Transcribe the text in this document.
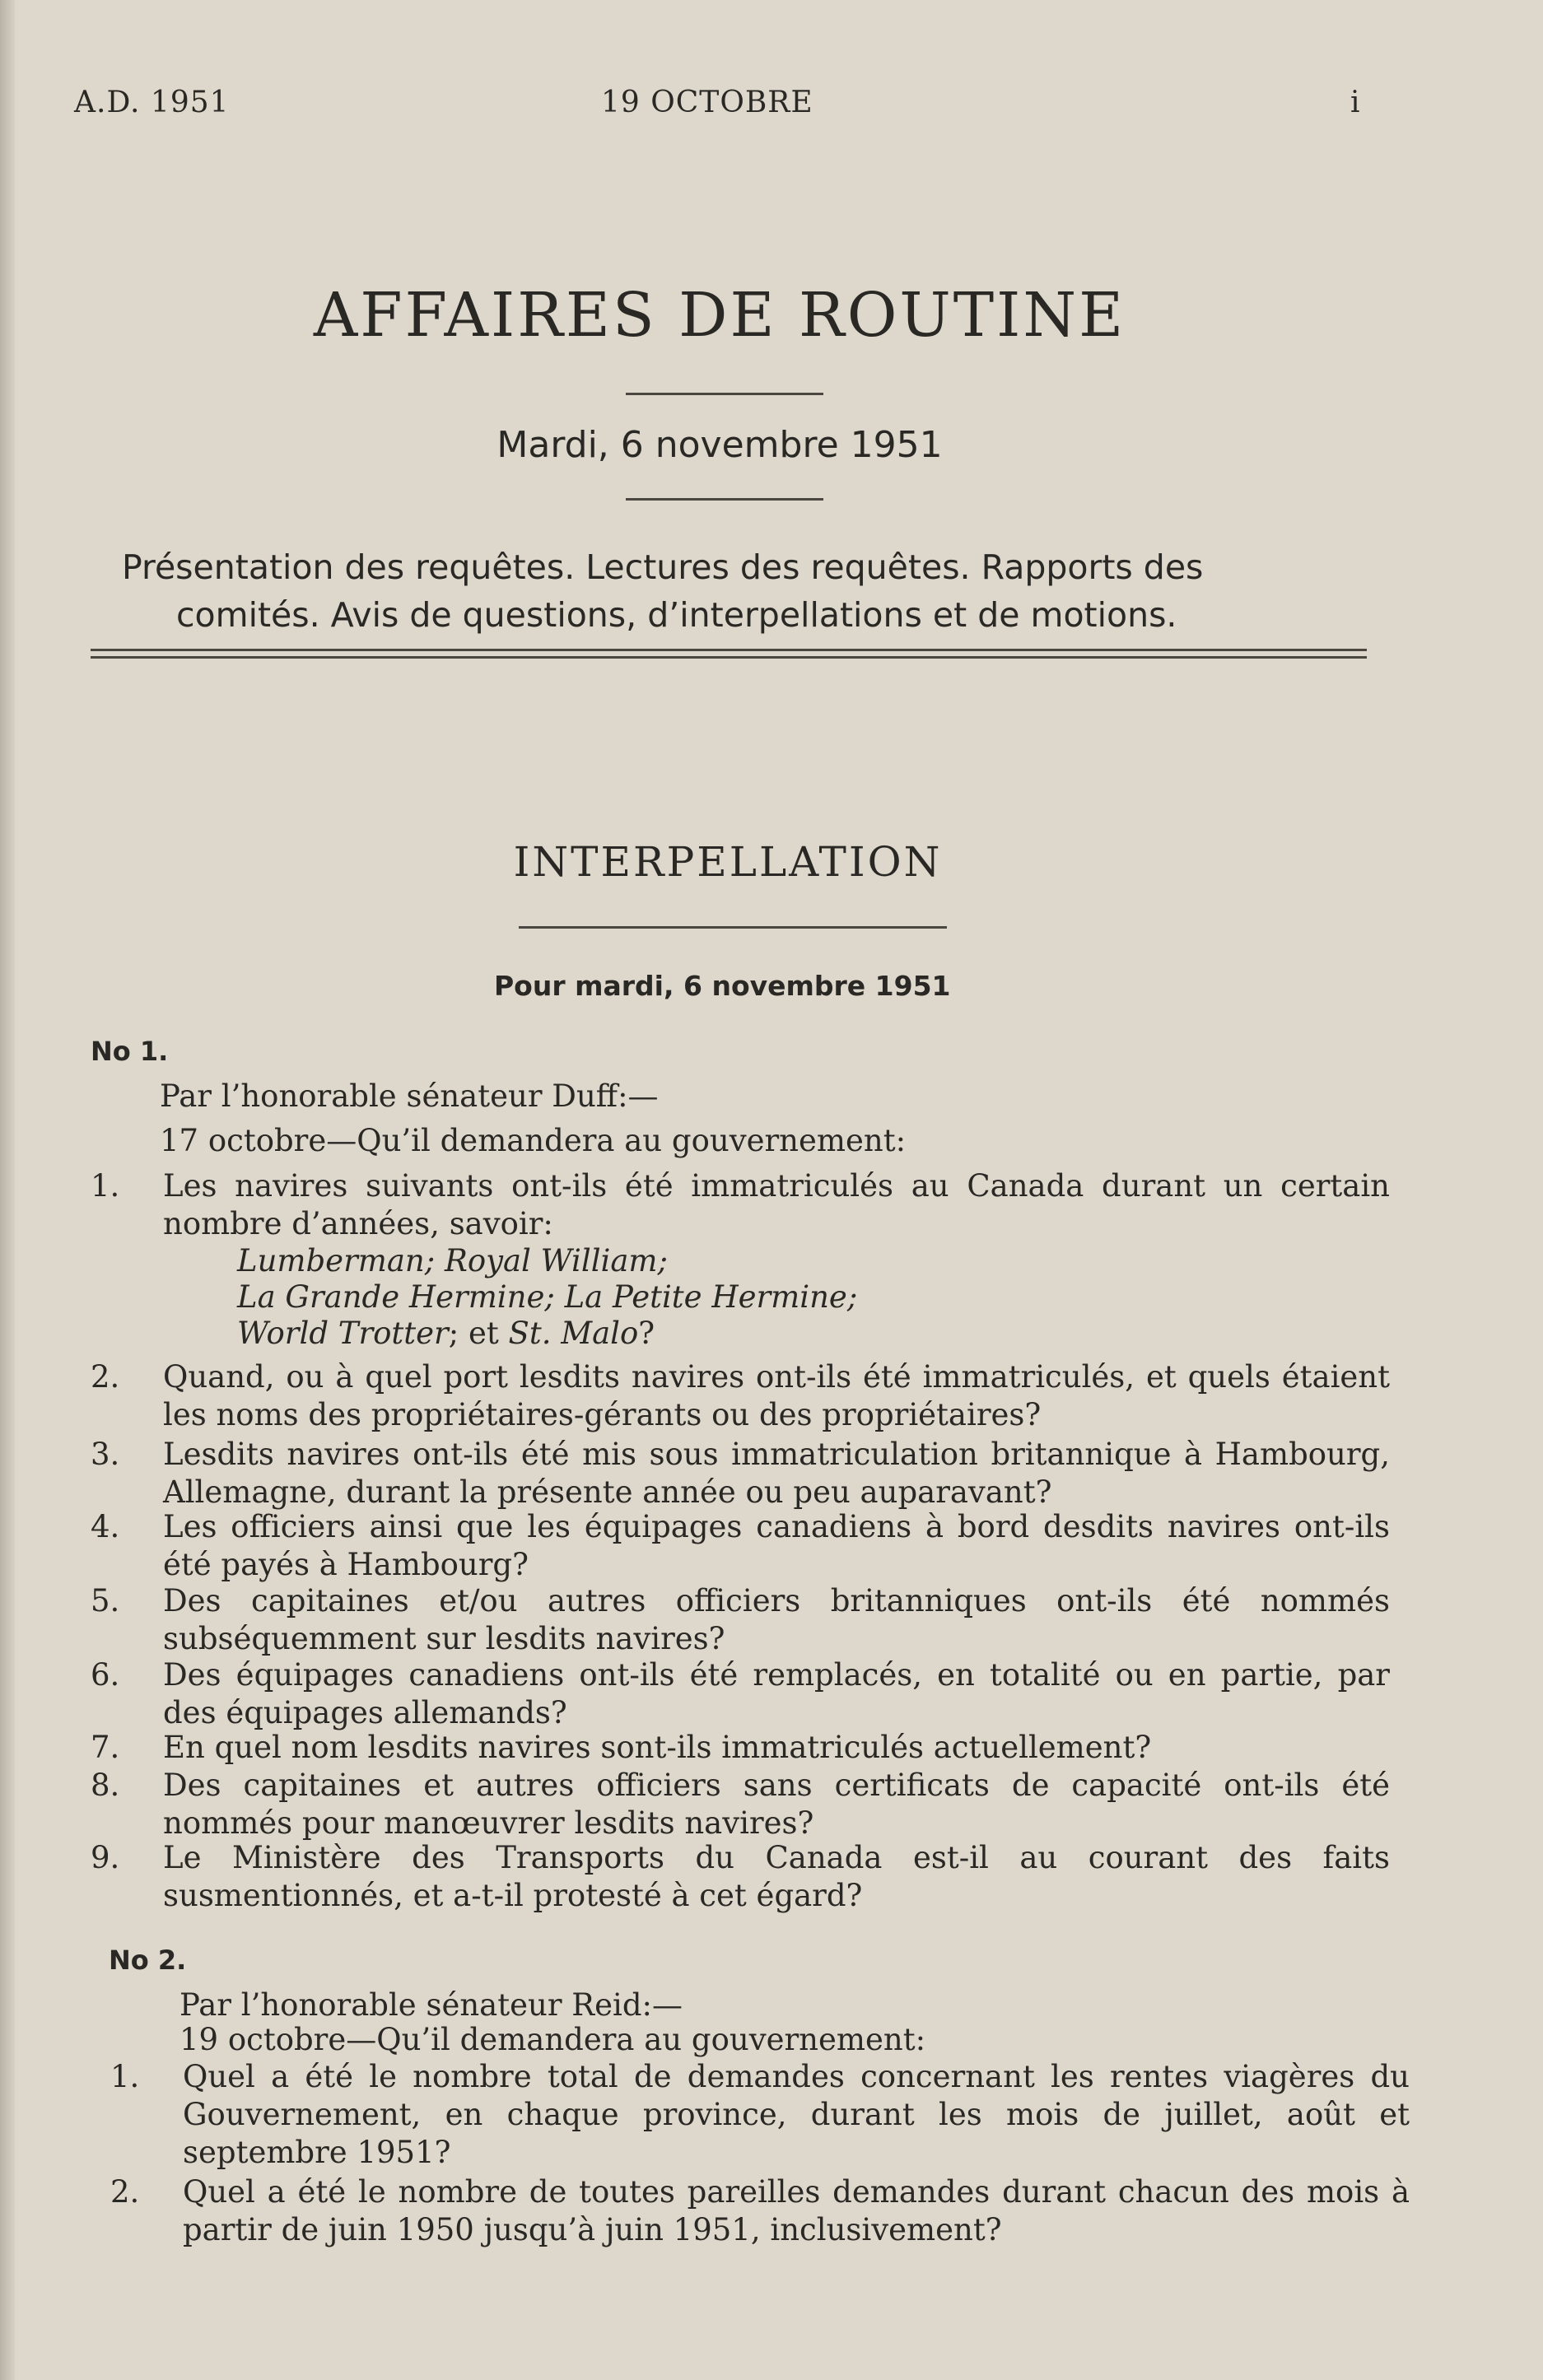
A.D. 1951	19 OCTOBRE	i
AFFAIRES DE ROUTINE
Mardi, 6 novembre 1951
Présentation des requêtes. Lectures des requêtes. Rapports des
comités. Avis de questions, d’interpellations et de motions.
INTERPELLATION
Pour mardi, 6 novembre 1951
No 1.
Par l’honorable sénateur Duff:—
17 octobre—Qu’il demandera au gouvernement:
1.	Les navires suivants ont-ils été immatriculés au Canada durant un certain nombre d’années, savoir:
Lumberman; Royal William;
La Grande Hermine; La Petite Hermine;
World Trotter; et St. Malo?
2.	Quand, ou à quel port lesdits navires ont-ils été immatriculés, et quels étaient les noms des propriétaires-gérants ou des propriétaires?
3.	Lesdits navires ont-ils été mis sous immatriculation britannique à Hambourg, Allemagne, durant la présente année ou peu auparavant?
4.	Les officiers ainsi que les équipages canadiens à bord desdits navires ont-ils été payés à Hambourg?
5.	Des capitaines et/ou autres officiers britanniques ont-ils été nommés subséquemment sur lesdits navires?
6.	Des équipages canadiens ont-ils été remplacés, en totalité ou en partie, par des équipages allemands?
7.	En quel nom lesdits navires sont-ils immatriculés actuellement?
8.	Des capitaines et autres officiers sans certificats de capacité ont-ils été nommés pour manœuvrer lesdits navires?
9.	Le Ministère des Transports du Canada est-il au courant des faits susmentionnés, et a-t-il protesté à cet égard?
No 2.
Par l’honorable sénateur Reid:—
19 octobre—Qu’il demandera au gouvernement:
1.	Quel a été le nombre total de demandes concernant les rentes viagères du Gouvernement, en chaque province, durant les mois de juillet, août et septembre 1951?
2.	Quel a été le nombre de toutes pareilles demandes durant chacun des mois à partir de juin 1950 jusqu’à juin 1951, inclusivement?
